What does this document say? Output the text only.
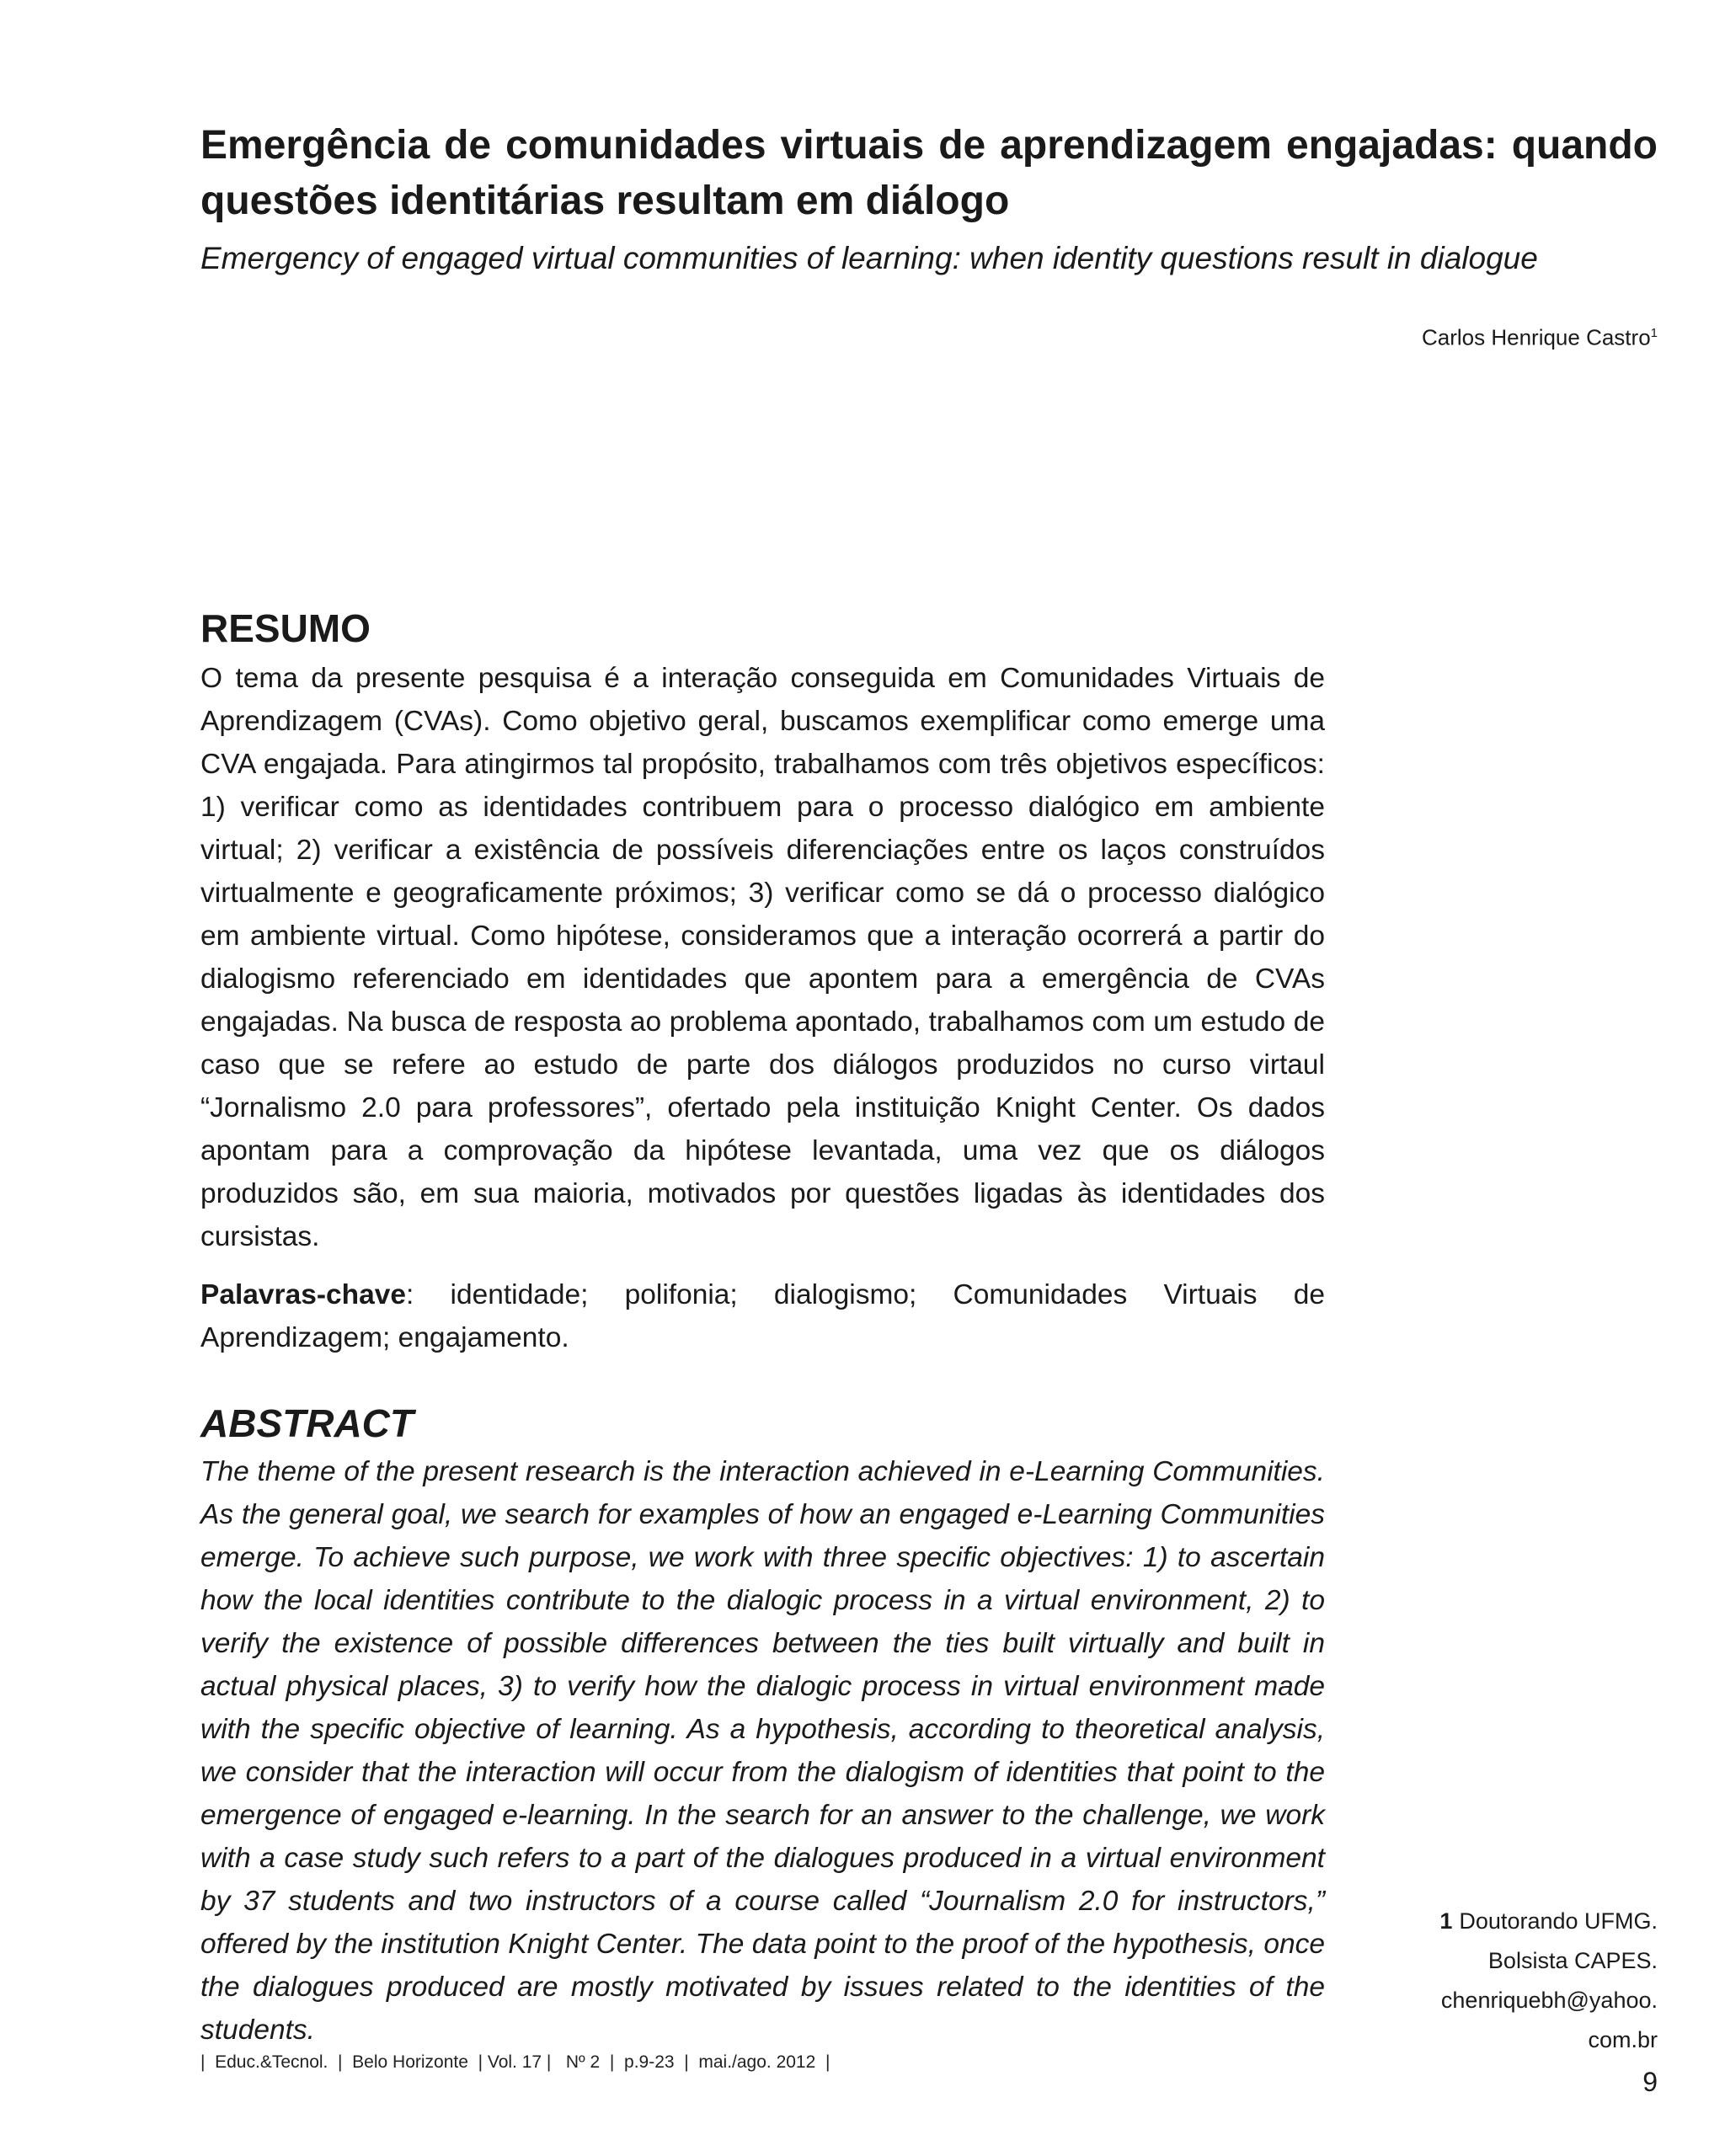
Emergência de comunidades virtuais de aprendizagem engajadas: quando questões identitárias resultam em diálogo

Emergency of engaged virtual communities of learning: when identity questions result in dialogue

Carlos Henrique Castro$^1$
RESUMO

O tema da presente pesquisa é a interação conseguida em Comunidades Virtuais de Aprendizagem (CVAs). Como objetivo geral, buscamos exemplificar como emerge uma CVA engajada. Para atingirmos tal propósito, trabalhamos com três objetivos específicos: 1) verificar como as identidades contribuem para o processo dialógico em ambiente virtual; 2) verificar a existência de possíveis diferenciações entre os laços construídos virtualmente e geograficamente próximos; 3) verificar como se dá o processo dialógico em ambiente virtual. Como hipótese, consideramos que a interação ocorrerá a partir do dialogismo referenciado em identidades que apontem para a emergência de CVAs engajadas. Na busca de resposta ao problema apontado, trabalhamos com um estudo de caso que se refere ao estudo de parte dos diálogos produzidos no curso virtaul “Jornalismo 2.0 para professores”, ofertado pela instituição Knight Center. Os dados apontam para a comprovação da hipótese levantada, uma vez que os diálogos produzidos são, em sua maioria, motivados por questões ligadas às identidades dos cursistas.

Palavras-chave: identidade; polifonia; dialogismo; Comunidades Virtuais de Aprendizagem; engajamento.

ABSTRACT

The theme of the present research is the interaction achieved in e-Learning Communities. As the general goal, we search for examples of how an engaged e-Learning Communities emerge. To achieve such purpose, we work with three specific objectives: 1) to ascertain how the local identities contribute to the dialogic process in a virtual environment, 2) to verify the existence of possible differences between the ties built virtually and built in actual physical places, 3) to verify how the dialogic process in virtual environment made with the specific objective of learning. As a hypothesis, according to theoretical analysis, we consider that the interaction will occur from the dialogism of identities that point to the emergence of engaged e-learning. In the search for an answer to the challenge, we work with a case study such refers to a part of the dialogues produced in a virtual environment by 37 students and two instructors of a course called “Journalism 2.0 for instructors,” offered by the institution Knight Center. The data point to the proof of the hypothesis, once the dialogues produced are mostly motivated by issues related to the identities of the students.

1 Doutorando UFMG.
Bolsista CAPES.
chenriquebh@yahoo.
com.br
|  Educ.&Tecnol.  |  Belo Horizonte  | Vol. 17 |   Nº 2  |  p.9-23  |  mai./ago. 2012  |
9
